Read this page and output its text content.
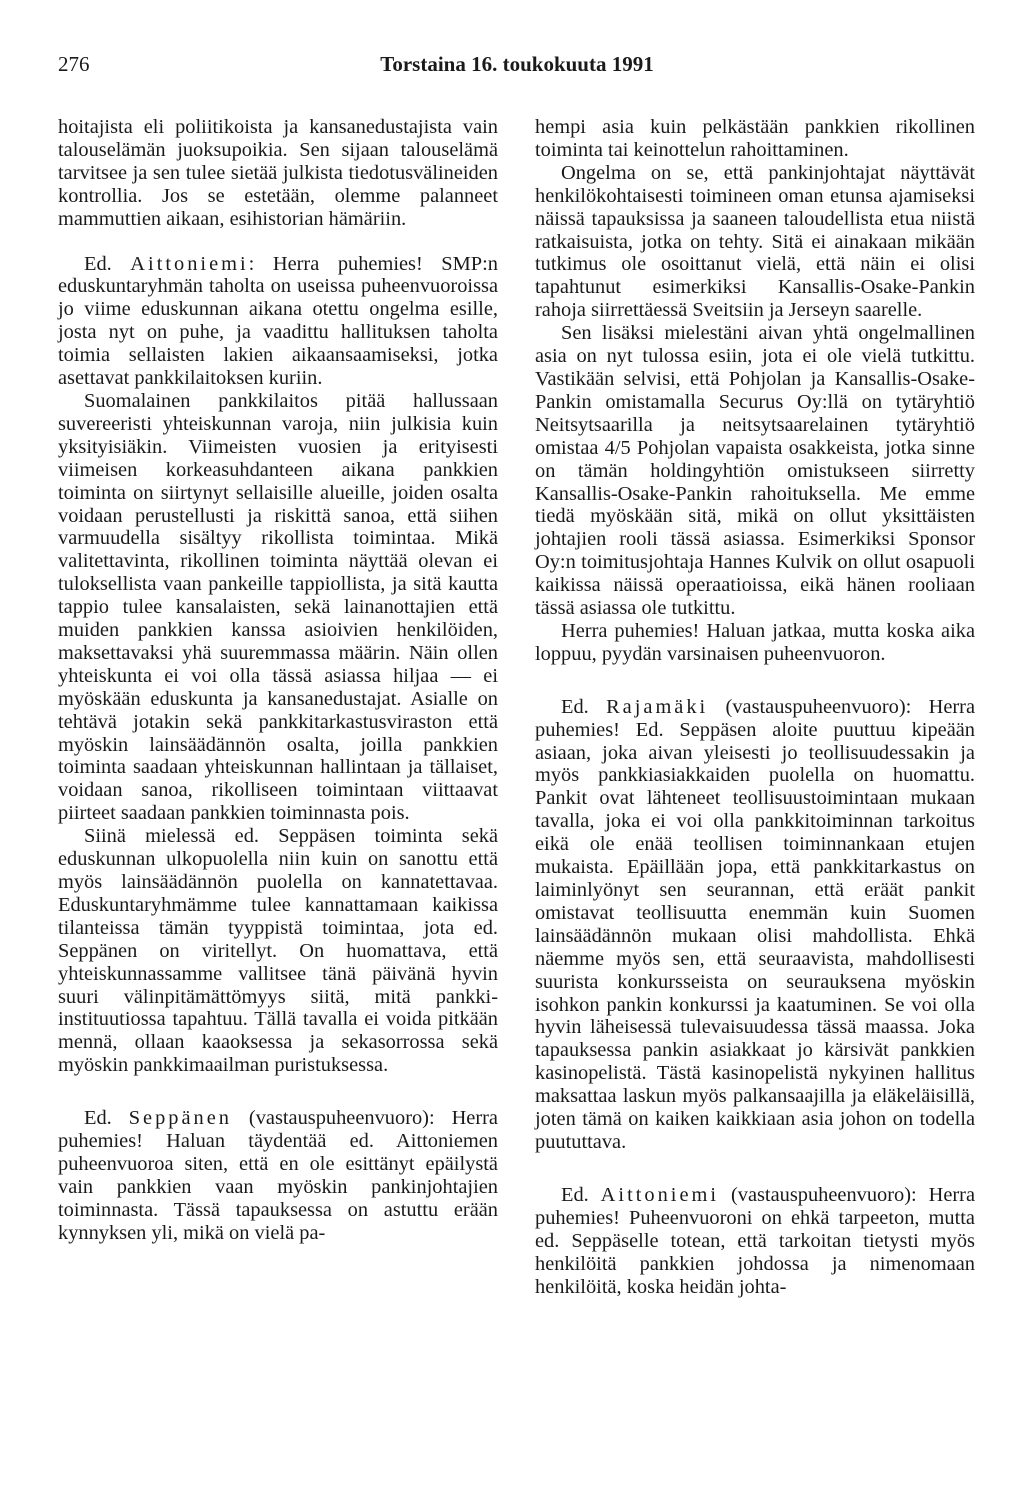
276	Torstaina 16. toukokuuta 1991

hoitajista eli poliitikoista ja kansanedustajista vain talouselämän juoksupoikia. Sen sijaan talouselämä tarvitsee ja sen tulee sietää julkista tiedotusvälineiden kontrollia. Jos se estetään, olemme palanneet mammuttien aikaan, esihistorian hämäriin.

Ed. Aittoniemi: Herra puhemies! SMP:n eduskuntaryhmän taholta on useissa puheenvuoroissa jo viime eduskunnan aikana otettu ongelma esille, josta nyt on puhe, ja vaadittu hallituksen taholta toimia sellaisten lakien aikaansaamiseksi, jotka asettavat pankkilaitoksen kuriin.

Suomalainen pankkilaitos pitää hallussaan suvereeristi yhteiskunnan varoja, niin julkisia kuin yksityisiäkin. Viimeisten vuosien ja erityisesti viimeisen korkeasuhdanteen aikana pankkien toiminta on siirtynyt sellaisille alueille, joiden osalta voidaan perustellusti ja riskittä sanoa, että siihen varmuudella sisältyy rikollista toimintaa. Mikä valitettavinta, rikollinen toiminta näyttää olevan ei tuloksellista vaan pankeille tappiollista, ja sitä kautta tappio tulee kansalaisten, sekä lainanottajien että muiden pankkien kanssa asioivien henkilöiden, maksettavaksi yhä suuremmassa määrin. Näin ollen yhteiskunta ei voi olla tässä asiassa hiljaa — ei myöskään eduskunta ja kansanedustajat. Asialle on tehtävä jotakin sekä pankkitarkastusviraston että myöskin lainsäädännön osalta, joilla pankkien toiminta saadaan yhteiskunnan hallintaan ja tällaiset, voidaan sanoa, rikolliseen toimintaan viittaavat piirteet saadaan pankkien toiminnasta pois.

Siinä mielessä ed. Seppäsen toiminta sekä eduskunnan ulkopuolella niin kuin on sanottu että myös lainsäädännön puolella on kannatettavaa. Eduskuntaryhmämme tulee kannattamaan kaikissa tilanteissa tämän tyyppistä toimintaa, jota ed. Seppänen on viritellyt. On huomattava, että yhteiskunnassamme vallitsee tänä päivänä hyvin suuri välinpitämättömyys siitä, mitä pankki-instituutiossa tapahtuu. Tällä tavalla ei voida pitkään mennä, ollaan kaaoksessa ja sekasorrossa sekä myöskin pankkimaailman puristuksessa.

Ed. Seppänen (vastauspuheenvuoro): Herra puhemies! Haluan täydentää ed. Aittoniemen puheenvuoroa siten, että en ole esittänyt epäilystä vain pankkien vaan myöskin pankinjohtajien toiminnasta. Tässä tapauksessa on astuttu erään kynnyksen yli, mikä on vielä pa-

hempi asia kuin pelkästään pankkien rikollinen toiminta tai keinottelun rahoittaminen.

Ongelma on se, että pankinjohtajat näyttävät henkilökohtaisesti toimineen oman etunsa ajamiseksi näissä tapauksissa ja saaneen taloudellista etua niistä ratkaisuista, jotka on tehty. Sitä ei ainakaan mikään tutkimus ole osoittanut vielä, että näin ei olisi tapahtunut esimerkiksi Kansallis-Osake-Pankin rahoja siirrettäessä Sveitsiin ja Jerseyn saarelle.

Sen lisäksi mielestäni aivan yhtä ongelmallinen asia on nyt tulossa esiin, jota ei ole vielä tutkittu. Vastikään selvisi, että Pohjolan ja Kansallis-Osake-Pankin omistamalla Securus Oy:llä on tytäryhtiö Neitsytsaarilla ja neitsytsaarelainen tytäryhtiö omistaa 4/5 Pohjolan vapaista osakkeista, jotka sinne on tämän holdingyhtiön omistukseen siirretty Kansallis-Osake-Pankin rahoituksella. Me emme tiedä myöskään sitä, mikä on ollut yksittäisten johtajien rooli tässä asiassa. Esimerkiksi Sponsor Oy:n toimitusjohtaja Hannes Kulvik on ollut osapuoli kaikissa näissä operaatioissa, eikä hänen rooliaan tässä asiassa ole tutkittu.

Herra puhemies! Haluan jatkaa, mutta koska aika loppuu, pyydän varsinaisen puheenvuoron.

Ed. Rajamäki (vastauspuheenvuoro): Herra puhemies! Ed. Seppäsen aloite puuttuu kipeään asiaan, joka aivan yleisesti jo teollisuudessakin ja myös pankkiasiakkaiden puolella on huomattu. Pankit ovat lähteneet teollisuustoimintaan mukaan tavalla, joka ei voi olla pankkitoiminnan tarkoitus eikä ole enää teollisen toiminnankaan etujen mukaista. Epäillään jopa, että pankkitarkastus on laiminlyönyt sen seurannan, että eräät pankit omistavat teollisuutta enemmän kuin Suomen lainsäädännön mukaan olisi mahdollista. Ehkä näemme myös sen, että seuraavista, mahdollisesti suurista konkursseista on seurauksena myöskin isohkon pankin konkurssi ja kaatuminen. Se voi olla hyvin läheisessä tulevaisuudessa tässä maassa. Joka tapauksessa pankin asiakkaat jo kärsivät pankkien kasinopelistä. Tästä kasinopelistä nykyinen hallitus maksattaa laskun myös palkansaajilla ja eläkeläisillä, joten tämä on kaiken kaikkiaan asia johon on todella puututtava.

Ed. Aittoniemi (vastauspuheenvuoro): Herra puhemies! Puheenvuoroni on ehkä tarpeeton, mutta ed. Seppäselle totean, että tarkoitan tietysti myös henkilöitä pankkien johdossa ja nimenomaan henkilöitä, koska heidän johta-
